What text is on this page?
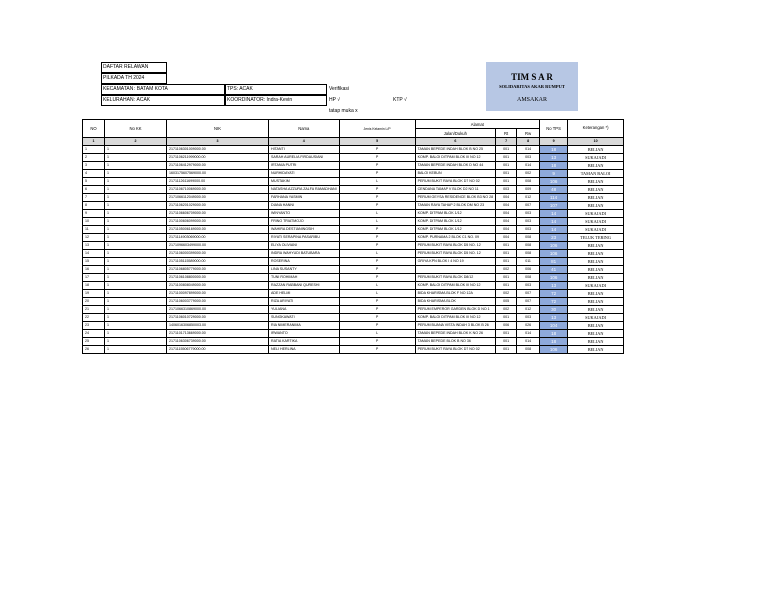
DAFTAR RELAWAN
PILKADA TH 2024
KECAMATAN : BATAM KOTA
KELURAHAN : ACAK
TPS: ACAK
KOORDINATOR: Indra-Kevin
Verifikasi
HP √	KTP √
tatap muka x
TIM S A R
SOLIDARITAS AKAR RUMPUT
AMSAKAR
NO	No KK	NIK	Nama	Jenis Kelamin L/P	Alamat			No TPS	Keterangan *)
					Jalan/Dukuh	Rt	Rw		
1	2	3	4	5	6	7	8	9	10
1	1	2171106301009000.00	HITANTI	P	TAMAN BEPEDE INDAH BLOK B NO 25	001	014	18	BELIAN
2	1	2171106211999000.00	SARAH AURELIA FIRDAUSIANI	P	KOMP. BALOI DITPAM BLOK III NO 12	001	003	13	SUKAJADI
3	1	2171106412979000.00	IRTANIA PUTRI	P	TAMAN BEPEDE INDAH BLOK D NO 44	001	014	18	BELIAN
4	1	1603175607569000.00	NURHIDAYATI	P	BALOI KEBUN	001	002	9	TAMAN BALOI
5	1	2171112611699000.00	MUSTAKIM	L	PERUM BUKIT RAYA BLOK D7 NO 02	001	008	106	BELIAN
6	1	2171106710069000.00	NATASHA AZZURA ZALFA RAMADHANI	P	CENDANA TAMAP V BLOK D2 NO 11	003	009	48	BELIAN
7	1	2171066112049000.00	FARHANA YASMIN	P	PERUM GEYSA RESIDENCE BLOK B3 NO 28	004	012	114	BELIAN
8	1	2171106201029000.00	DIANA HANNI	P	TAMAN RAYA TAHAP 2 BLOK DM NO 23	004	007	107	BELIAN
9	1	2171106606709000.00	WINYANTO	L	KOMP. DITPAM BLOK 1/12	004	003	14	SUKAJADI
10	1	2171100606099000.00	FRINO TRIATMOJO	L	KOMP. DITPAM BLOK 1/12	004	003	14	SUKAJADI
11	1	2171105006169000.00	WAHIRA DESTIANINGSIH	P	KOMP. DITPAM BLOK 1/12	004	003	14	SUKAJADI
12	1	2171114903069000.00	RIYATI SERAPINA PASARIBU	P	KOMP. PURNAMA 2 BLOK C1 NO. 09	004	008	23	TELUK TERING
13	1	2171096603499000.00	ELIYA OLIVIANI	P	PERUM BUKIT RAYA BLOK D5 NO. 12	001	008	106	BELIAN
14	1	2171106000399000.00	INDRA WAHYUDI BATUBARA	L	PERUM BUKIT RAYA BLOK D5 NO. 12	001	008	106	BELIAN
15	1	2171105115589000.00	ROSERINA	P	GRIYA KPN BLOK I 4 NO 19	001	011	81	BELIAN
16	1	2171106805779000.00	LINA SUSANTY	P		002	006	41	BELIAN
17	1	2171106108800000.00	TUNI ROHIMAH	P	PERUM BUKIT RAYA BLOK D8/12	001	008	106	BELIAN
18	1	2171100808049000.00	RAZZAN RABBANI QURESHI	L	KOMP. BALOI DITPAM BLOK III NO 12	001	003	13	SUKAJADI
19	1	2171100097899000.00	ADE HELMI	L	BIDA KHARISMA BLOK F NO 12A	002	007	72	BELIAN
20	1	2171106003779000.00	RIZA ARIYATI	P	BIDA KHARISMA BLOK	005	007	72	BELIAN
21	1	2171066310869000.00	YULIANA	P	PERUM EMPEROR GARDEN BLOK D NO 1	002	012	30	BELIAN
22	1	2171106010729000.00	SUNGKAWATI	P	KOMP. BALOI DITPAM BLOK III NO 12	001	003	13	SUKAJADI
23	1	1406016306850003.00	RIA NIMERANIMA	P	PERUM BUANA VISTA INDAH 3 BLOK B 26	006	026	104	BELIAN
24	1	2171101713669000.00	IRWANTO	L	TAMAN BEPEDE INDAH BLOK K NO 26	001	014	18	BELIAN
25	1	2171106306739000.00	RATIA KARTIKA	P	TAMAN BEPEDE BLOK B NO 36	001	014	18	BELIAN
26	1	2171115506779000.00	NELI HERLINA	P	PERUM BUKIT RAYA BLOK D7 NO 02	001	008	106	BELIAN
